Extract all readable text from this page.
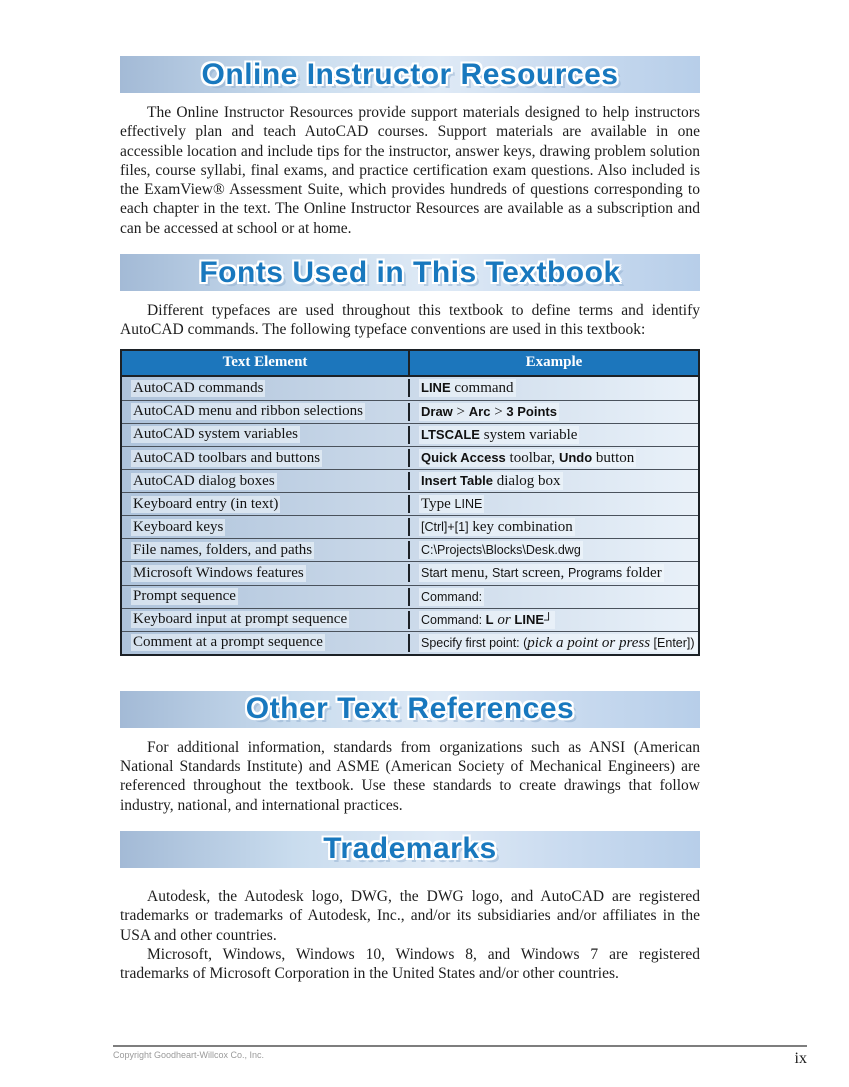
Online Instructor Resources

The Online Instructor Resources provide support materials designed to help instructors effectively plan and teach AutoCAD courses. Support materials are available in one accessible location and include tips for the instructor, answer keys, drawing problem solution files, course syllabi, final exams, and practice certification exam questions. Also included is the ExamView® Assessment Suite, which provides hundreds of questions corresponding to each chapter in the text. The Online Instructor Resources are available as a subscription and can be accessed at school or at home.

Fonts Used in This Textbook

Different typefaces are used throughout this textbook to define terms and identify AutoCAD commands. The following typeface conventions are used in this textbook:

Text Element	Example
AutoCAD commands	LINE command
AutoCAD menu and ribbon selections	Draw > Arc > 3 Points
AutoCAD system variables	LTSCALE system variable
AutoCAD toolbars and buttons	Quick Access toolbar, Undo button
AutoCAD dialog boxes	Insert Table dialog box
Keyboard entry (in text)	Type LINE
Keyboard keys	[Ctrl]+[1] key combination
File names, folders, and paths	C:\Projects\Blocks\Desk.dwg
Microsoft Windows features	Start menu, Start screen, Programs folder
Prompt sequence	Command:
Keyboard input at prompt sequence	Command: L or LINE┘
Comment at a prompt sequence	Specify first point: (pick a point or press [Enter])
Other Text References

For additional information, standards from organizations such as ANSI (American National Standards Institute) and ASME (American Society of Mechanical Engineers) are referenced throughout the textbook. Use these standards to create drawings that follow industry, national, and international practices.

Trademarks

Autodesk, the Autodesk logo, DWG, the DWG logo, and AutoCAD are registered trademarks or trademarks of Autodesk, Inc., and/or its subsidiaries and/or affiliates in the USA and other countries.

Microsoft, Windows, Windows 10, Windows 8, and Windows 7 are registered trademarks of Microsoft Corporation in the United States and/or other countries.

Copyright Goodheart-Willcox Co., Inc.	ix
